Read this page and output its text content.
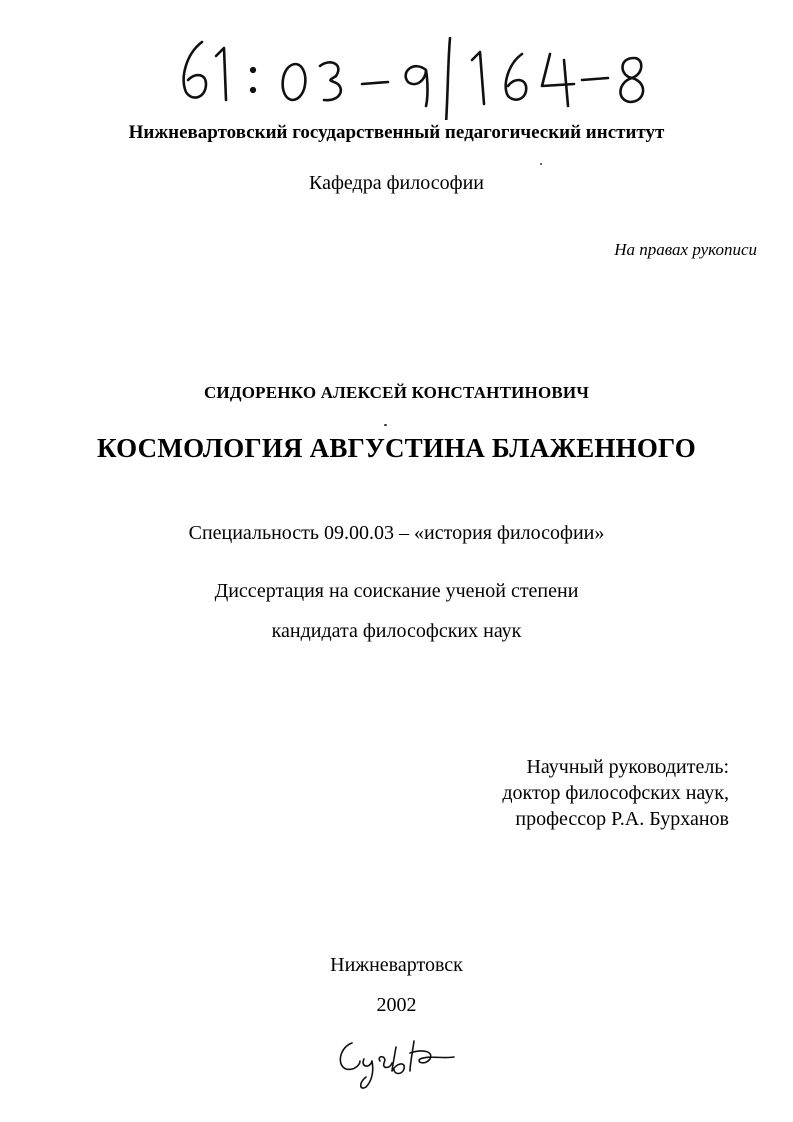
Нижневартовский государственный педагогический институт
Кафедра философии
На правах рукописи
СИДОРЕНКО АЛЕКСЕЙ КОНСТАНТИНОВИЧ
КОСМОЛОГИЯ АВГУСТИНА БЛАЖЕННОГО
Специальность 09.00.03 – «история философии»
Диссертация на соискание ученой степени
кандидата философских наук
Научный руководитель:
доктор философских наук,
профессор Р.А. Бурханов
Нижневартовск
2002
